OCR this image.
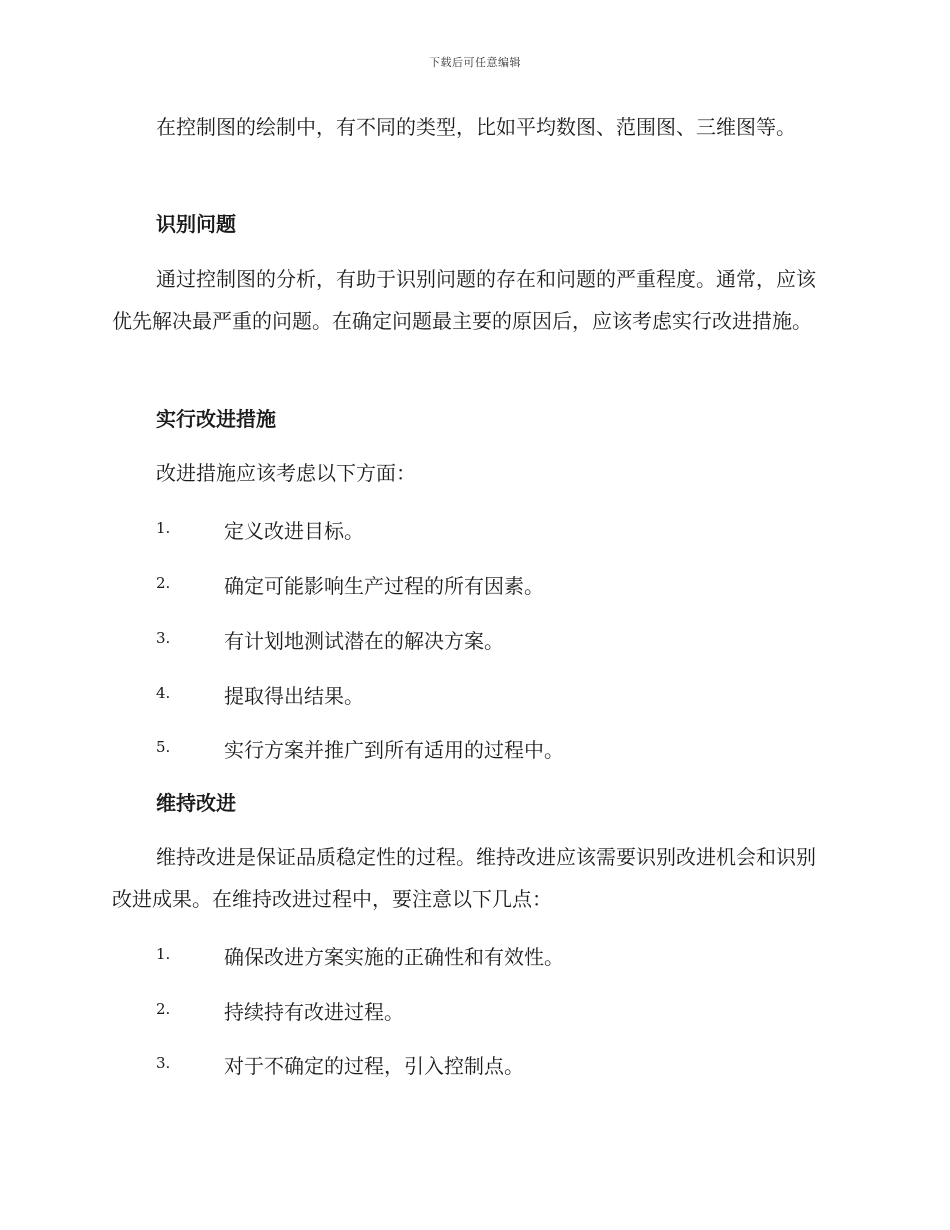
下载后可任意编辑
在控制图的绘制中，有不同的类型，比如平均数图、范围图、三维图等。
识别问题
通过控制图的分析，有助于识别问题的存在和问题的严重程度。通常，应该优先解决最严重的问题。在确定问题最主要的原因后，应该考虑实行改进措施。
实行改进措施
改进措施应该考虑以下方面：
1.	定义改进目标。
2.	确定可能影响生产过程的所有因素。
3.	有计划地测试潜在的解决方案。
4.	提取得出结果。
5.	实行方案并推广到所有适用的过程中。
维持改进
维持改进是保证品质稳定性的过程。维持改进应该需要识别改进机会和识别改进成果。在维持改进过程中，要注意以下几点：
1.	确保改进方案实施的正确性和有效性。
2.	持续持有改进过程。
3.	对于不确定的过程，引入控制点。
